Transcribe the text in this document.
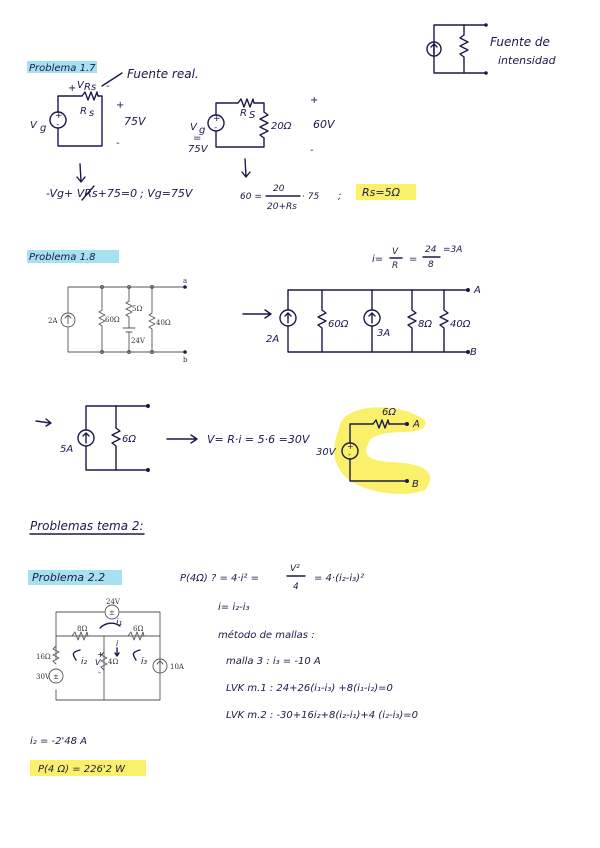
Fuente de
intensidad
Problema 1.7	Fuente real.
+
-
+ V Rs -
R s
V g
+
75V
-
+
-
R S
V g
=
75V
20Ω
+
60V
-
-Vg+ VRs+75=0 ; Vg=75V	60 =
20
20+Rs
· 75 ; Rs=5Ω
Problema 1.8	i=
V
R
=
24
8
=3A
2A	60Ω
5Ω
24V
40Ω
a
b
2A
60Ω
3A
8Ω 40Ω
A
B
5A
6Ω	V= R·i = 5·6 =30V
+
-
6Ω
30V
A
B
Problemas tema 2:
Problema 2.2	P(4Ω) ? = 4·i² =
V²
4
= 4·(i₂-i₃)²
i= i₂-i₃
método de mallas :
malla 3 : i₃ = -10 A
LVK m.1 : 24+26(i₁-i₃) +8(i₁-i₂)=0
LVK m.2 : -30+16i₂+8(i₂-i₁)+4 (i₂-i₃)=0
±
±
24V
8Ω	6Ω
16Ω
30V
i₁
i₂	i₃
4Ω
V
+
-
i
10A
i₂ = -2'48 A
P(4 Ω) = 226'2 W
